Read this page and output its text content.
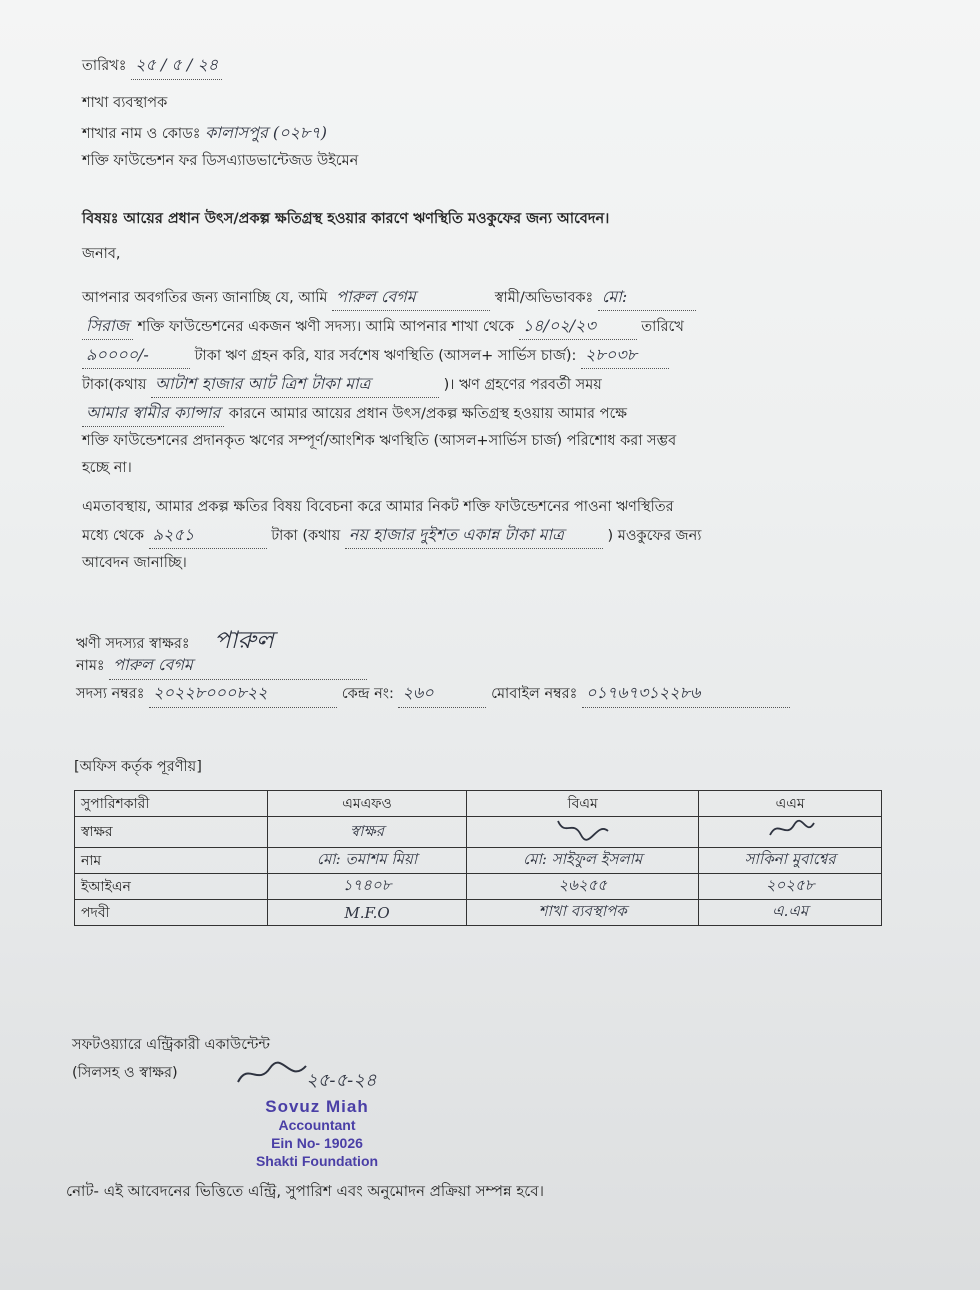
তারিখঃ ২৫ / ৫ / ২৪
শাখা ব্যবস্থাপক
শাখার নাম ও কোডঃ কালাসপুর (০২৮৭)
শক্তি ফাউন্ডেশন ফর ডিসএ্যাডভান্টেজড উইমেন
বিষয়ঃ আয়ের প্রধান উৎস/প্রকল্প ক্ষতিগ্রস্থ হওয়ার কারণে ঋণস্থিতি মওকুফের জন্য আবেদন।
জনাব,
আপনার অবগতির জন্য জানাচ্ছি যে, আমি পারুল বেগম	স্বামী/অভিভাবকঃ মো:
সিরাজ শক্তি ফাউন্ডেশনের একজন ঋণী সদস্য। আমি আপনার শাখা থেকে ১৪/০২/২৩	তারিখে
৯০০০০/-	টাকা ঋণ গ্রহন করি, যার সর্বশেষ ঋণস্থিতি (আসল+ সার্ভিস চার্জ): ২৮০৩৮
টাকা(কথায় আটাশ হাজার আট ত্রিশ টাকা মাত্র	)। ঋণ গ্রহণের পরবর্তী সময়
আমার স্বামীর ক্যান্সার কারনে আমার আয়ের প্রধান উৎস/প্রকল্প ক্ষতিগ্রস্থ হওয়ায় আমার পক্ষে
শক্তি ফাউন্ডেশনের প্রদানকৃত ঋণের সম্পূর্ণ/আংশিক ঋণস্থিতি (আসল+সার্ভিস চার্জ) পরিশোধ করা সম্ভব
হচ্ছে না।
এমতাবস্থায়, আমার প্রকল্প ক্ষতির বিষয় বিবেচনা করে আমার নিকট শক্তি ফাউন্ডেশনের পাওনা ঋণস্থিতির
মধ্যে থেকে ৯২৫১	টাকা (কথায় নয় হাজার দুইশত একান্ন টাকা মাত্র	) মওকুফের জন্য
আবেদন জানাচ্ছি।
ঋণী সদস্যর স্বাক্ষরঃ পারুল
নামঃ পারুল বেগম
সদস্য নম্বরঃ ২০২২৮০০০৮২২	কেন্দ্র নং: ২৬০	মোবাইল নম্বরঃ ০১৭৬৭৩১২২৮৬
[অফিস কর্তৃক পূরণীয়]
সুপারিশকারী	এমএফও	বিএম	এএম
স্বাক্ষর	স্বাক্ষর		
নাম	মো: তমাশম মিয়া	মো: সাইফুল ইসলাম	সাকিনা মুবাশ্বের
ইআইএন	১৭৪০৮	২৬২৫৫	২০২৫৮
পদবী	M.F.O	শাখা ব্যবস্থাপক	এ.এম
সফটওয়্যারে এন্ট্রিকারী একাউন্টেন্ট
(সিলসহ ও স্বাক্ষর)	২৫-৫-২৪
Sovuz Miah
Accountant
Ein No- 19026
Shakti Foundation
নোট- এই আবেদনের ভিত্তিতে এন্ট্রি, সুপারিশ এবং অনুমোদন প্রক্রিয়া সম্পন্ন হবে।
